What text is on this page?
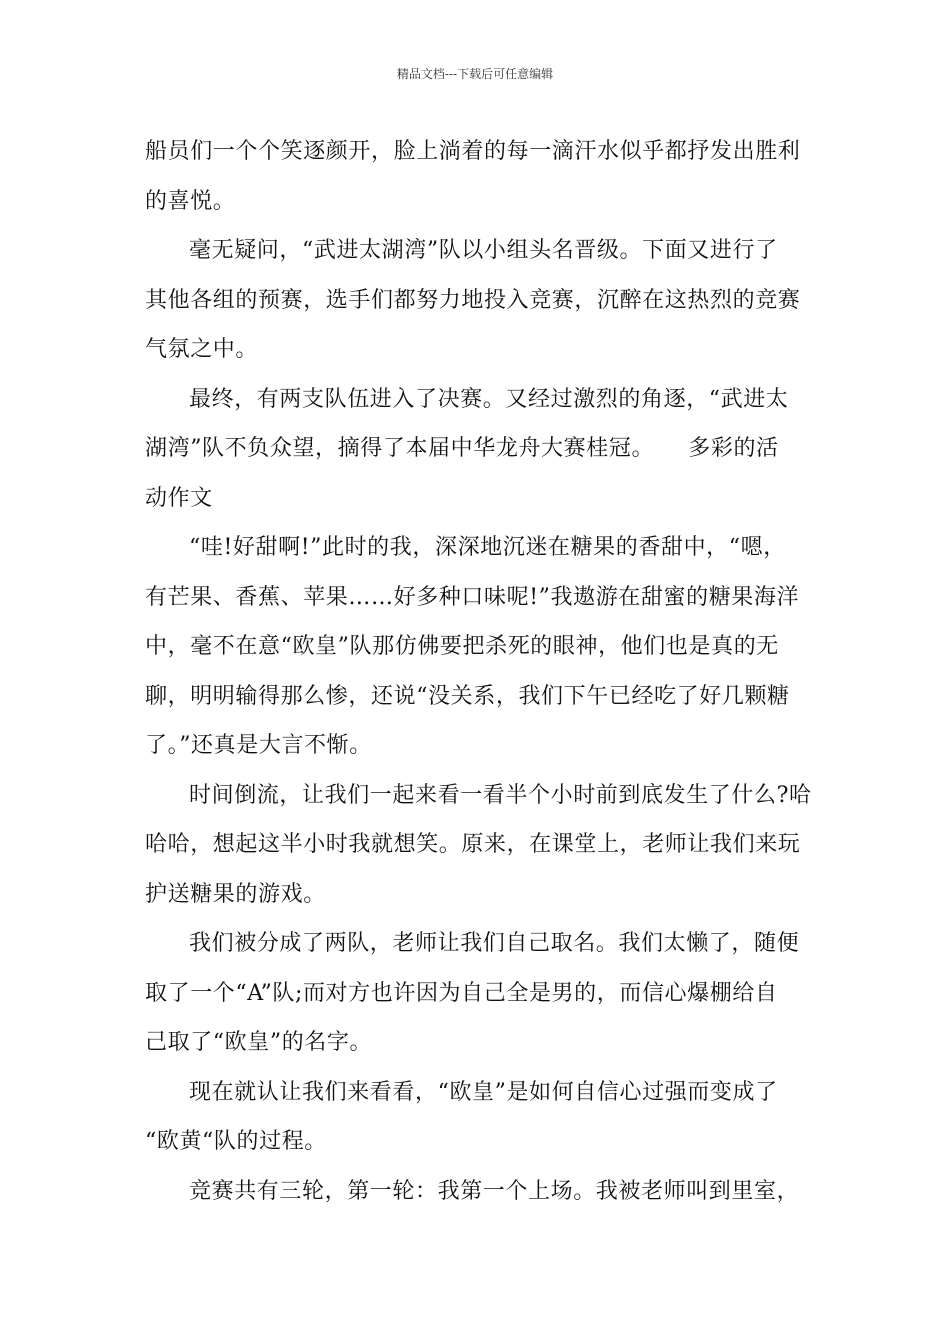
精品文档---下载后可任意编辑
船员们一个个笑逐颜开，脸上淌着的每一滴汗水似乎都抒发出胜利
的喜悦。
毫无疑问，“武进太湖湾”队以小组头名晋级。下面又进行了
其他各组的预赛，选手们都努力地投入竞赛，沉醉在这热烈的竞赛
气氛之中。
最终，有两支队伍进入了决赛。又经过激烈的角逐，“武进太
湖湾”队不负众望，摘得了本届中华龙舟大赛桂冠。　　多彩的活
动作文
“哇!好甜啊!”此时的我，深深地沉迷在糖果的香甜中，“嗯，
有芒果、香蕉、苹果……好多种口味呢!”我遨游在甜蜜的糖果海洋
中，毫不在意“欧皇”队那仿佛要把杀死的眼神，他们也是真的无
聊，明明输得那么惨，还说“没关系，我们下午已经吃了好几颗糖
了。”还真是大言不惭。
时间倒流，让我们一起来看一看半个小时前到底发生了什么?哈
哈哈，想起这半小时我就想笑。原来，在课堂上，老师让我们来玩
护送糖果的游戏。
我们被分成了两队，老师让我们自己取名。我们太懒了，随便
取了一个“A”队;而对方也许因为自己全是男的，而信心爆棚给自
己取了“欧皇”的名字。
现在就认让我们来看看，“欧皇”是如何自信心过强而变成了
“欧黄“队的过程。
竞赛共有三轮，第一轮：我第一个上场。我被老师叫到里室，
